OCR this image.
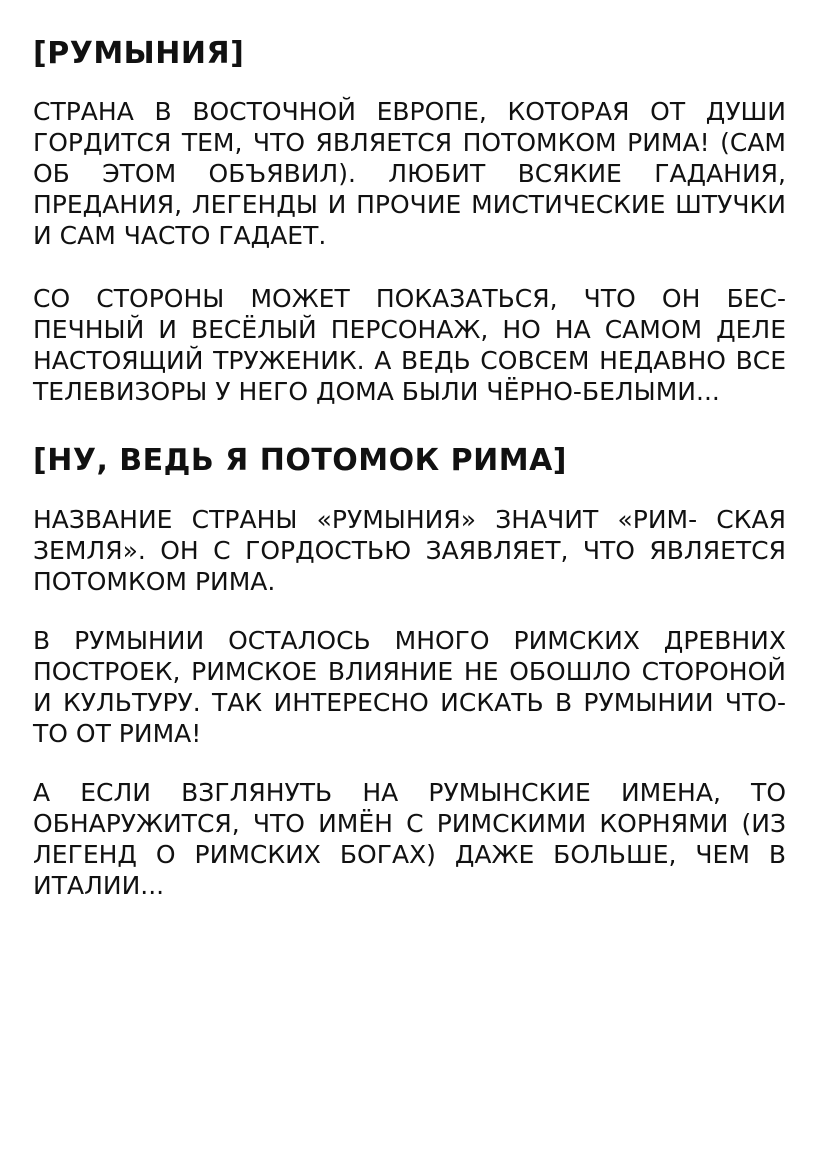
[РУМЫНИЯ]

СТРАНА В ВОСТОЧНОЙ ЕВРОПЕ, КОТОРАЯ ОТ ДУШИ ГОРДИТСЯ ТЕМ, ЧТО ЯВЛЯЕТСЯ ПОТОМКОМ РИМА! (САМ ОБ ЭТОМ ОБЪЯВИЛ). ЛЮБИТ ВСЯКИЕ ГАДАНИЯ, ПРЕДАНИЯ, ЛЕГЕНДЫ И ПРОЧИЕ МИСТИЧЕСКИЕ ШТУЧКИ И САМ ЧАСТО ГАДАЕТ.

СО СТОРОНЫ МОЖЕТ ПОКАЗАТЬСЯ, ЧТО ОН БЕС- ПЕЧНЫЙ И ВЕСЁЛЫЙ ПЕРСОНАЖ, НО НА САМОМ ДЕЛЕ НАСТОЯЩИЙ ТРУЖЕНИК. А ВЕДЬ СОВСЕМ НЕДАВНО ВСЕ ТЕЛЕВИЗОРЫ У НЕГО ДОМА БЫЛИ ЧЁРНО-БЕЛЫМИ...

[НУ, ВЕДЬ Я ПОТОМОК РИМА]

НАЗВАНИЕ СТРАНЫ «РУМЫНИЯ» ЗНАЧИТ «РИМ- СКАЯ ЗЕМЛЯ». ОН С ГОРДОСТЬЮ ЗАЯВЛЯЕТ, ЧТО ЯВЛЯЕТСЯ ПОТОМКОМ РИМА.

В РУМЫНИИ ОСТАЛОСЬ МНОГО РИМСКИХ ДРЕВНИХ ПОСТРОЕК, РИМСКОЕ ВЛИЯНИЕ НЕ ОБОШЛО СТОРОНОЙ И КУЛЬТУРУ. ТАК ИНТЕРЕСНО ИСКАТЬ В РУМЫНИИ ЧТО-ТО ОТ РИМА!

А ЕСЛИ ВЗГЛЯНУТЬ НА РУМЫНСКИЕ ИМЕНА, ТО ОБНАРУЖИТСЯ, ЧТО ИМЁН С РИМСКИМИ КОРНЯМИ (ИЗ ЛЕГЕНД О РИМСКИХ БОГАХ) ДАЖЕ БОЛЬШЕ, ЧЕМ В ИТАЛИИ...
